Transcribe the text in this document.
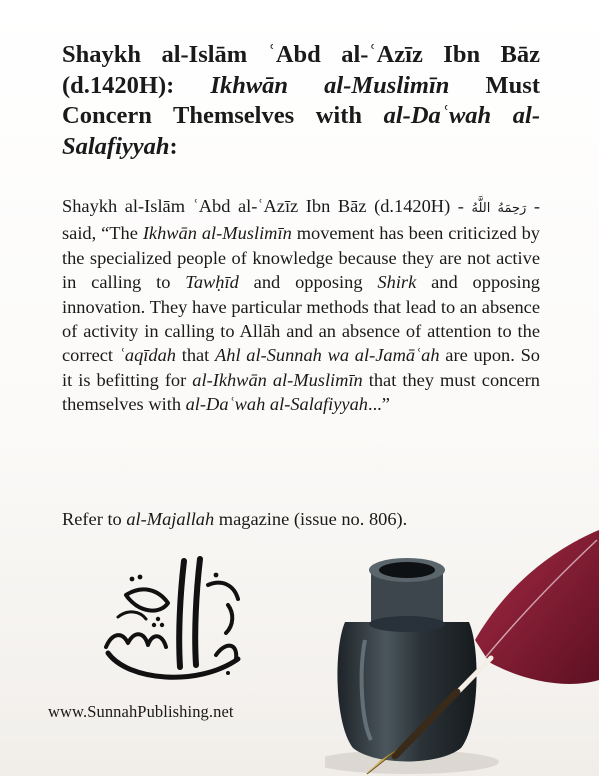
Shaykh al-Islām ʿAbd al-ʿAzīz Ibn Bāz (d.1420H): Ikhwān al-Muslimīn Must Concern Themselves with al-Daʿwah al-Salafiyyah:

Shaykh al-Islām ʿAbd al-ʿAzīz Ibn Bāz (d.1420H) - رَحِمَهُ اللَّهُ - said, “The Ikhwān al-Muslimīn movement has been criticized by the specialized people of knowledge because they are not active in calling to Tawḥīd and opposing Shirk and opposing innovation. They have particular methods that lead to an absence of activity in calling to Allāh and an absence of attention to the correct ʿaqīdah that Ahl al-Sunnah wa al-Jamāʿah are upon. So it is befitting for al-Ikhwān al-Muslimīn that they must concern themselves with al-Daʿwah al-Salafiyyah...”

Refer to al-Majallah magazine (issue no. 806).

السنة
www.SunnahPublishing.net
